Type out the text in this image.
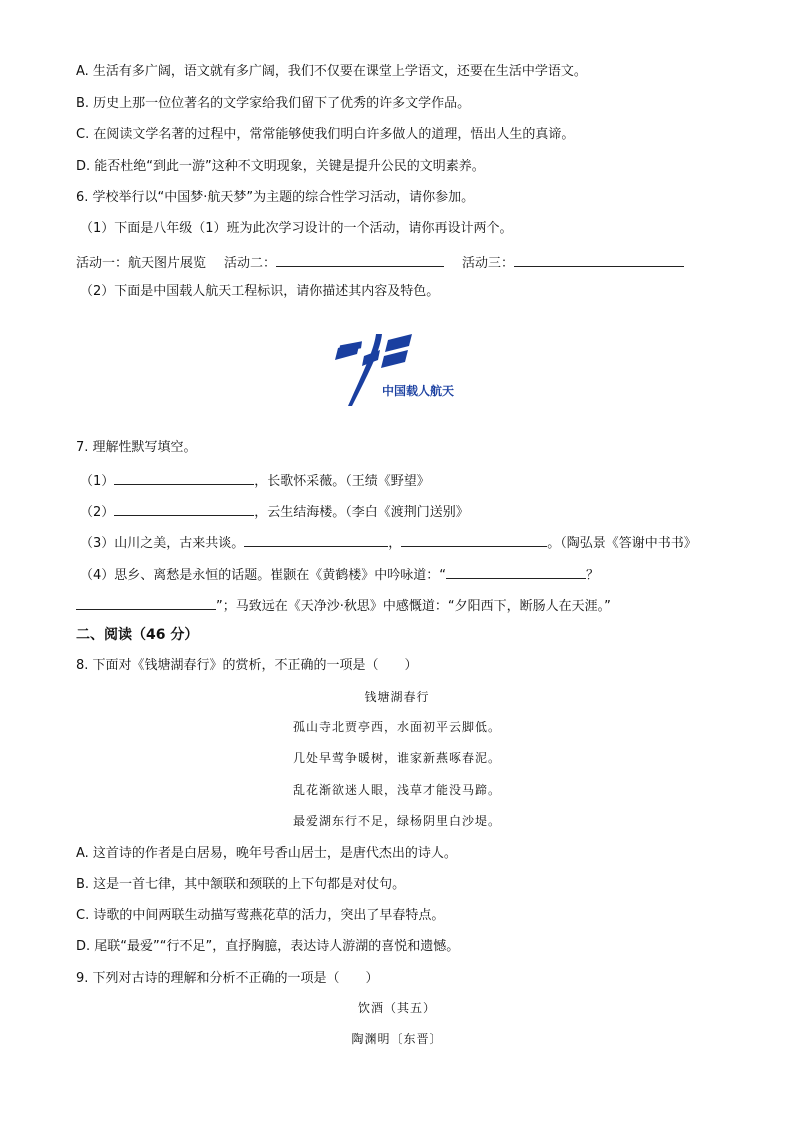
A. 生活有多广阔，语文就有多广阔，我们不仅要在课堂上学语文，还要在生活中学语文。
B. 历史上那一位位著名的文学家给我们留下了优秀的许多文学作品。
C. 在阅读文学名著的过程中，常常能够使我们明白许多做人的道理，悟出人生的真谛。
D. 能否杜绝“到此一游”这种不文明现象，关键是提升公民的文明素养。
6. 学校举行以“中国梦·航天梦”为主题的综合性学习活动，请你参加。
（1）下面是八年级（1）班为此次学习设计的一个活动，请你再设计两个。
活动一：航天图片展览 活动二：	活动三：
（2）下面是中国载人航天工程标识，请你描述其内容及特色。
中国载人航天
7. 理解性默写填空。
（1）	，长歌怀采薇。（王绩《野望》
（2）	，云生结海楼。（李白《渡荆门送别》
（3）山川之美，古来共谈。	，	。（陶弘景《答谢中书书》
（4）思乡、离愁是永恒的话题。崔颢在《黄鹤楼》中吟咏道：“	？
”；马致远在《天净沙·秋思》中感慨道：“夕阳西下，断肠人在天涯。”
二、阅读（46 分）
8. 下面对《钱塘湖春行》的赏析，不正确的一项是（　　）
钱塘湖春行
孤山寺北贾亭西，水面初平云脚低。
几处早莺争暖树，谁家新燕啄春泥。
乱花渐欲迷人眼，浅草才能没马蹄。
最爱湖东行不足，绿杨阴里白沙堤。
A. 这首诗的作者是白居易，晚年号香山居士，是唐代杰出的诗人。
B. 这是一首七律，其中颔联和颈联的上下句都是对仗句。
C. 诗歌的中间两联生动描写莺燕花草的活力，突出了早春特点。
D. 尾联“最爱”“行不足”，直抒胸臆，表达诗人游湖的喜悦和遗憾。
9. 下列对古诗的理解和分析不正确的一项是（　　）
饮酒（其五）
陶渊明〔东晋〕
